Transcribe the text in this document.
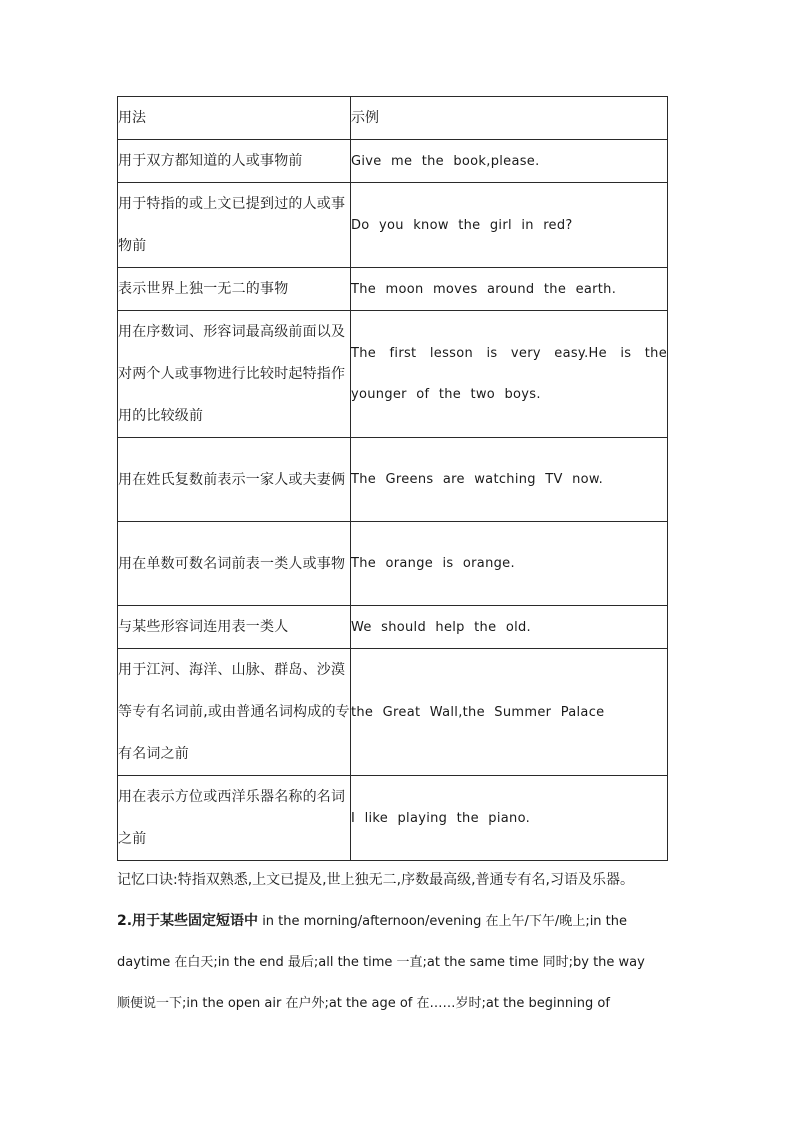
用法	示例
用于双方都知道的人或事物前	Give me the book,please.
用于特指的或上文已提到过的人或事物前	Do you know the girl in red?
表示世界上独一无二的事物	The moon moves around the earth.
用在序数词、形容词最高级前面以及对两个人或事物进行比较时起特指作用的比较级前	The first lesson is very easy.He is the younger of the two boys.
用在姓氏复数前表示一家人或夫妻俩	The Greens are watching TV now.
用在单数可数名词前表一类人或事物	The orange is orange.
与某些形容词连用表一类人	We should help the old.
用于江河、海洋、山脉、群岛、沙漠等专有名词前,或由普通名词构成的专有名词之前	the Great Wall,the Summer Palace
用在表示方位或西洋乐器名称的名词之前	I like playing the piano.
记忆口诀:特指双熟悉,上文已提及,世上独无二,序数最高级,普通专有名,习语及乐器。
2.用于某些固定短语中 in the morning/afternoon/evening 在上午/下午/晚上;in the
daytime 在白天;in the end 最后;all the time 一直;at the same time 同时;by the way
顺便说一下;in the open air 在户外;at the age of 在……岁时;at the beginning of
